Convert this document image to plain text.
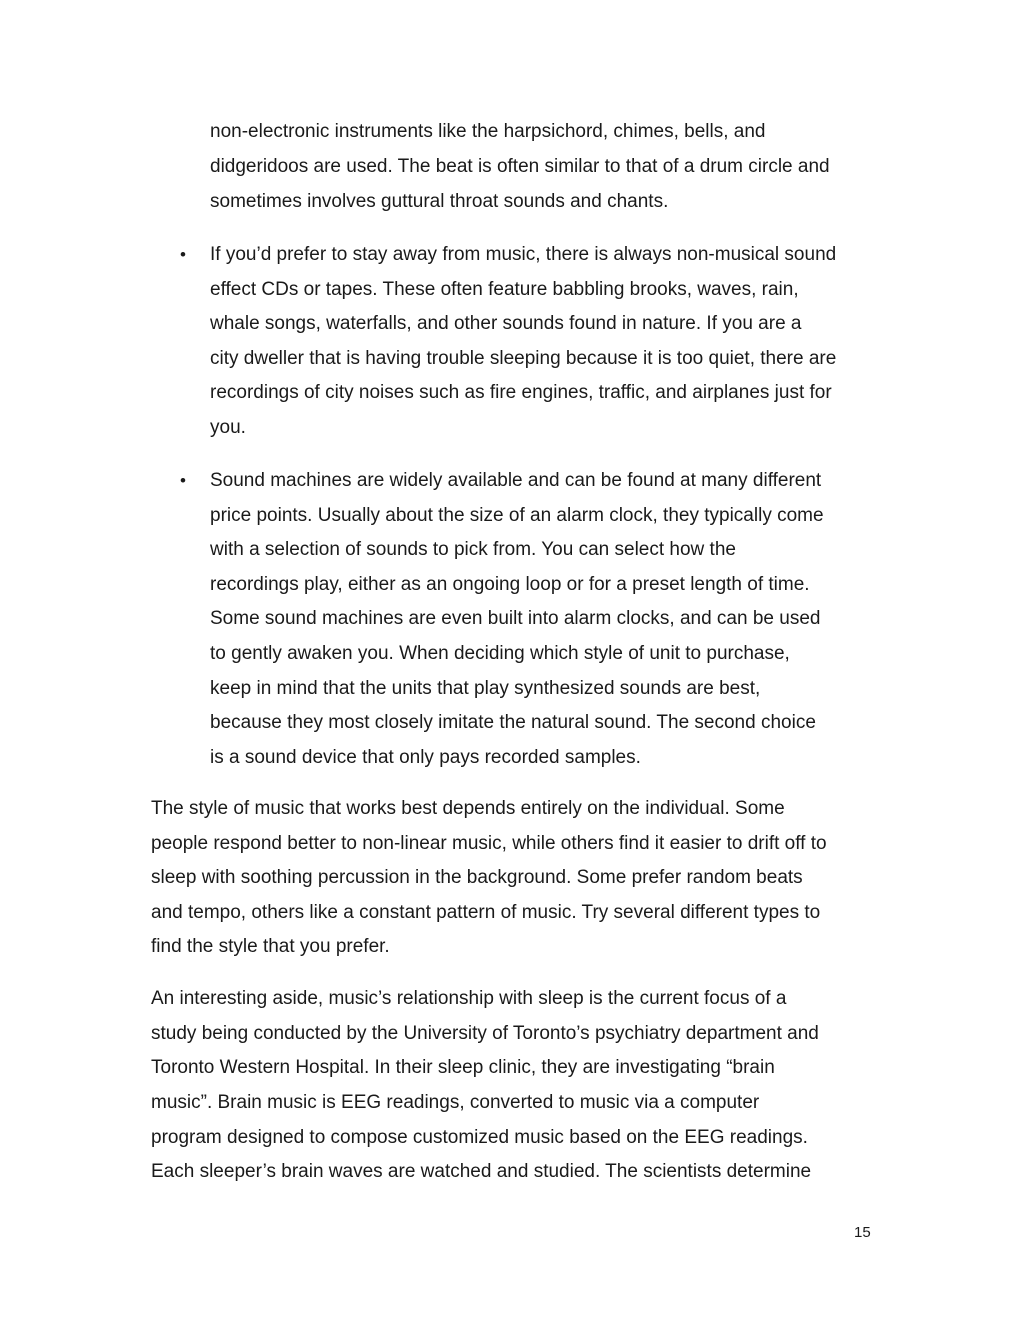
non-electronic instruments like the harpsichord, chimes, bells, and
didgeridoos are used. The beat is often similar to that of a drum circle and
sometimes involves guttural throat sounds and chants.
• If you’d prefer to stay away from music, there is always non-musical sound
effect CDs or tapes. These often feature babbling brooks, waves, rain,
whale songs, waterfalls, and other sounds found in nature. If you are a
city dweller that is having trouble sleeping because it is too quiet, there are
recordings of city noises such as fire engines, traffic, and airplanes just for
you.
• Sound machines are widely available and can be found at many different
price points. Usually about the size of an alarm clock, they typically come
with a selection of sounds to pick from. You can select how the
recordings play, either as an ongoing loop or for a preset length of time.
Some sound machines are even built into alarm clocks, and can be used
to gently awaken you. When deciding which style of unit to purchase,
keep in mind that the units that play synthesized sounds are best,
because they most closely imitate the natural sound. The second choice
is a sound device that only pays recorded samples.
The style of music that works best depends entirely on the individual. Some
people respond better to non-linear music, while others find it easier to drift off to
sleep with soothing percussion in the background. Some prefer random beats
and tempo, others like a constant pattern of music. Try several different types to
find the style that you prefer.
An interesting aside, music’s relationship with sleep is the current focus of a
study being conducted by the University of Toronto’s psychiatry department and
Toronto Western Hospital. In their sleep clinic, they are investigating “brain
music”. Brain music is EEG readings, converted to music via a computer
program designed to compose customized music based on the EEG readings.
Each sleeper’s brain waves are watched and studied. The scientists determine
15
